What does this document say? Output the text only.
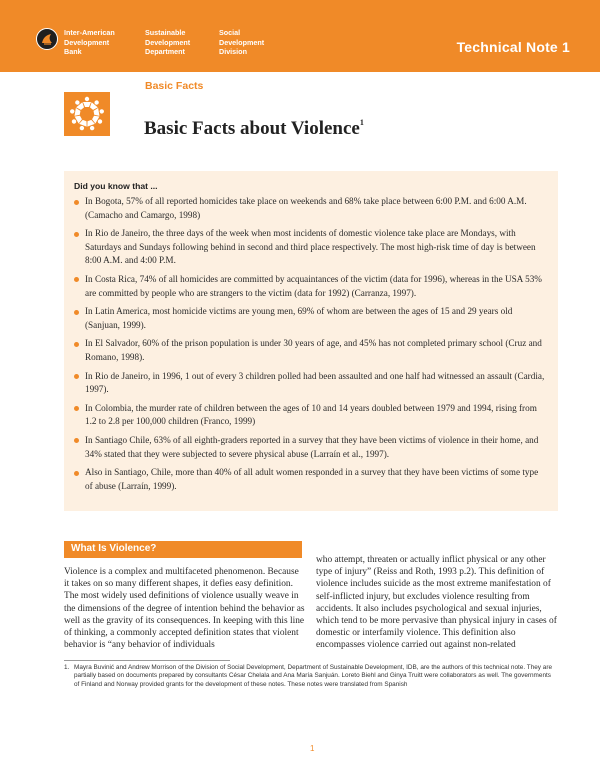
Inter-American
Development
Bank
Sustainable
Development
Department
Social
Development
Division	Technical Note 1
Basic Facts
Basic Facts about Violence$^1$
Did you know that ...
In Bogota, 57% of all reported homicides take place on weekends and 68% take place between 6:00 P.M. and 6:00 A.M. (Camacho and Camargo, 1998)
In Rio de Janeiro, the three days of the week when most incidents of domestic violence take place are Mondays, with Saturdays and Sundays following behind in second and third place respectively. The most high-risk time of day is between 8:00 A.M. and 4:00 P.M.
In Costa Rica, 74% of all homicides are committed by acquaintances of the victim (data for 1996), whereas in the USA 53% are committed by people who are strangers to the victim (data for 1992) (Carranza, 1997).
In Latin America, most homicide victims are young men, 69% of whom are between the ages of 15 and 29 years old (Sanjuan, 1999).
In El Salvador, 60% of the prison population is under 30 years of age, and 45% has not completed primary school (Cruz and Romano, 1998).
In Rio de Janeiro, in 1996, 1 out of every 3 children polled had been assaulted and one half had witnessed an assault (Cardia, 1997).
In Colombia, the murder rate of children between the ages of 10 and 14 years doubled between 1979 and 1994, rising from 1.2 to 2.8 per 100,000 children (Franco, 1999)
In Santiago Chile, 63% of all eighth-graders reported in a survey that they have been victims of violence in their home, and 34% stated that they were subjected to severe physical abuse (Larraín et al., 1997).
Also in Santiago, Chile, more than 40% of all adult women responded in a survey that they have been victims of some type of abuse (Larraín, 1999).
What Is Violence?
Violence is a complex and multifaceted phenomenon. Because it takes on so many different shapes, it defies easy definition. The most widely used definitions of violence usually weave in the dimensions of the degree of intention behind the behavior as well as the gravity of its consequences. In keeping with this line of thinking, a commonly accepted definition states that violent behavior is “any behavior of individuals
who attempt, threaten or actually inflict physical or any other type of injury” (Reiss and Roth, 1993 p.2). This definition of violence includes suicide as the most extreme manifestation of self-inflicted injury, but excludes violence resulting from accidents. It also includes psychological and sexual injuries, which tend to be more pervasive than physical injury in cases of domestic or interfamily violence. This definition also encompasses violence carried out against non-related
1. Mayra Buvinić and Andrew Morrison of the Division of Social Development, Department of Sustainable Development, IDB, are the authors of this technical note. They are partially based on documents prepared by consultants César Chelala and Ana María Sanjuán. Loreto Biehl and Ginya Truitt were collaborators as well. The governments of Finland and Norway provided grants for the development of these notes. These notes were translated from Spanish
1
